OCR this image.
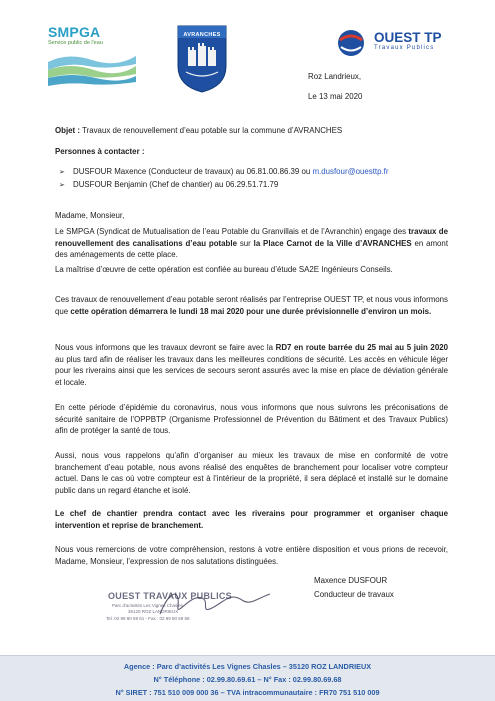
SMPGA
Service public de l'eau
AVRANCHES	OUEST TP
Travaux Publics
Roz Landrieux,
Le 13 mai 2020
Objet : Travaux de renouvellement d’eau potable sur la commune d’AVRANCHES
Personnes à contacter :
➢ DUSFOUR Maxence (Conducteur de travaux) au 06.81.00.86.39 ou m.dusfour@ouesttp.fr
➢ DUSFOUR Benjamin (Chef de chantier) au 06.29.51.71.79
Madame, Monsieur,
Le SMPGA (Syndicat de Mutualisation de l’eau Potable du Granvillais et de l’Avranchin) engage des travaux de renouvellement des canalisations d’eau potable sur la Place Carnot de la Ville d’AVRANCHES en amont des aménagements de cette place.
La maîtrise d’œuvre de cette opération est confiée au bureau d’étude SA2E Ingénieurs Conseils.
Ces travaux de renouvellement d’eau potable seront réalisés par l’entreprise OUEST TP, et nous vous informons que cette opération démarrera le lundi 18 mai 2020 pour une durée prévisionnelle d’environ un mois.
Nous vous informons que les travaux devront se faire avec la RD7 en route barrée du 25 mai au 5 juin 2020 au plus tard afin de réaliser les travaux dans les meilleures conditions de sécurité. Les accès en véhicule léger pour les riverains ainsi que les services de secours seront assurés avec la mise en place de déviation générale et locale.
En cette période d’épidémie du coronavirus, nous vous informons que nous suivrons les préconisations de sécurité sanitaire de l’OPPBTP (Organisme Professionnel de Prévention du Bâtiment et des Travaux Publics) afin de protéger la santé de tous.
Aussi, nous vous rappelons qu’afin d’organiser au mieux les travaux de mise en conformité de votre branchement d’eau potable, nous avons réalisé des enquêtes de branchement pour localiser votre compteur actuel. Dans le cas où votre compteur est à l’intérieur de la propriété, il sera déplacé et installé sur le domaine public dans un regard étanche et isolé.
Le chef de chantier prendra contact avec les riverains pour programmer et organiser chaque intervention et reprise de branchement.
Nous vous remercions de votre compréhension, restons à votre entière disposition et vous prions de recevoir, Madame, Monsieur, l’expression de nos salutations distinguées.
Maxence DUSFOUR
Conducteur de travaux
OUEST TRAVAUX PUBLICS
Parc d'activités Les Vignes Chasles
35120 ROZ LANDRIEUX
Tel. 02 99 80 69 61 - Fax : 02 99 80 69 68
Agence : Parc d’activités Les Vignes Chasles – 35120 ROZ LANDRIEUX
N° Téléphone : 02.99.80.69.61 – N° Fax : 02.99.80.69.68
N° SIRET : 751 510 009 000 36 – TVA intracommunautaire : FR70 751 510 009
